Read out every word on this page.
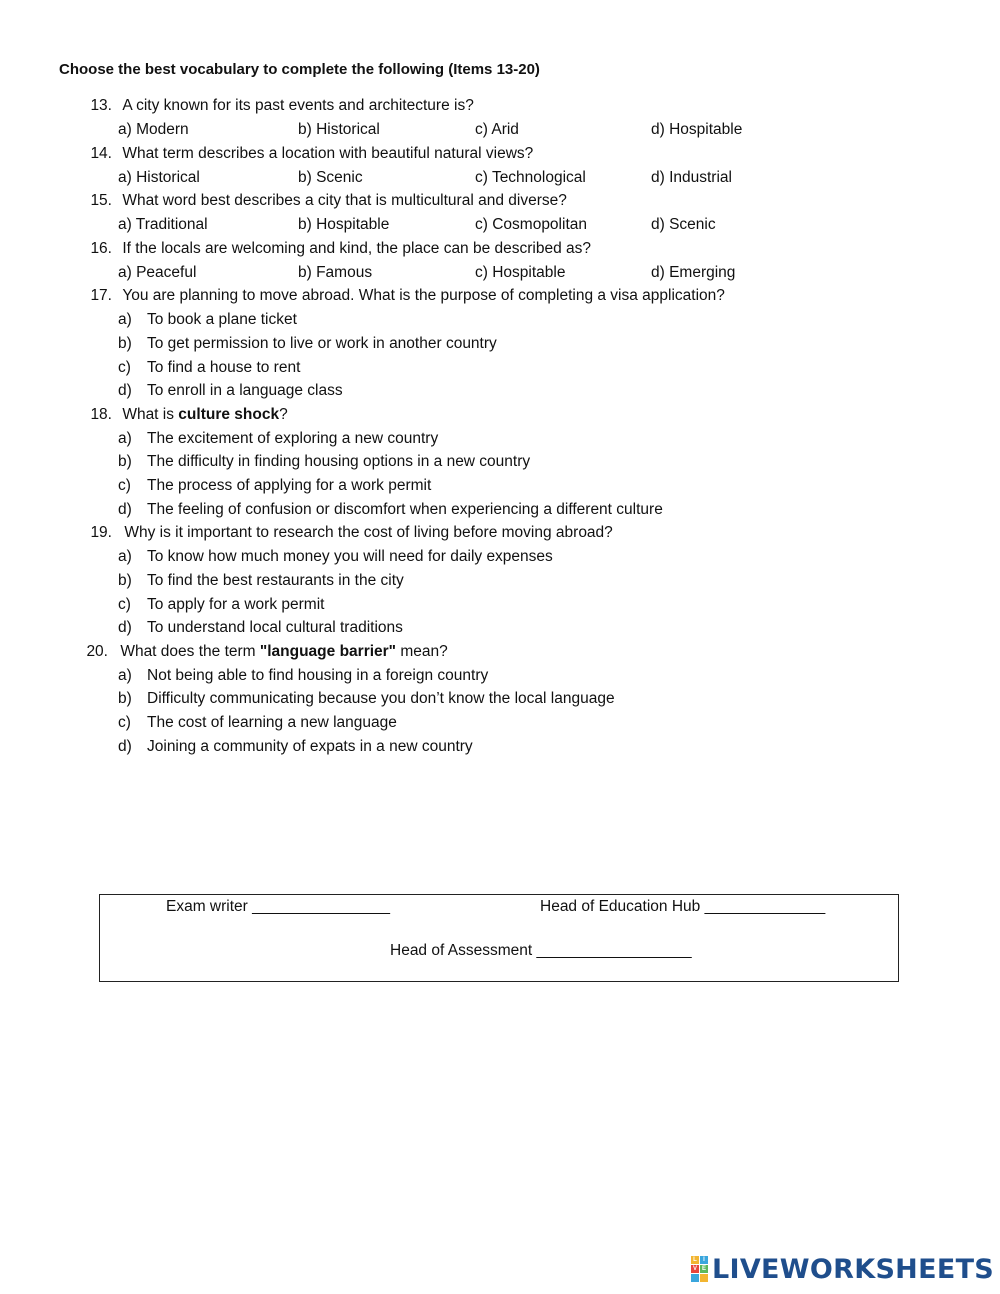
Choose the best vocabulary to complete the following (Items 13-20)
13. A city known for its past events and architecture is?
a) Modern	b) Historical	c) Arid	d) Hospitable
14. What term describes a location with beautiful natural views?
a) Historical	b) Scenic	c) Technological	d) Industrial
15. What word best describes a city that is multicultural and diverse?
a) Traditional	b) Hospitable	c) Cosmopolitan	d) Scenic
16. If the locals are welcoming and kind, the place can be described as?
a) Peaceful	b) Famous	c) Hospitable	d) Emerging
17. You are planning to move abroad. What is the purpose of completing a visa application?
a) To book a plane ticket
b) To get permission to live or work in another country
c) To find a house to rent
d) To enroll in a language class
18. What is culture shock?
a) The excitement of exploring a new country
b) The difficulty in finding housing options in a new country
c) The process of applying for a work permit
d) The feeling of confusion or discomfort when experiencing a different culture
19. Why is it important to research the cost of living before moving abroad?
a) To know how much money you will need for daily expenses
b) To find the best restaurants in the city
c) To apply for a work permit
d) To understand local cultural traditions
20. What does the term "language barrier" mean?
a) Not being able to find housing in a foreign country
b) Difficulty communicating because you don’t know the local language
c) The cost of learning a new language
d) Joining a community of expats in a new country
Exam writer ________________	Head of Education Hub ______________
Head of Assessment __________________
L	I
V E LIVEWORKSHEETS
